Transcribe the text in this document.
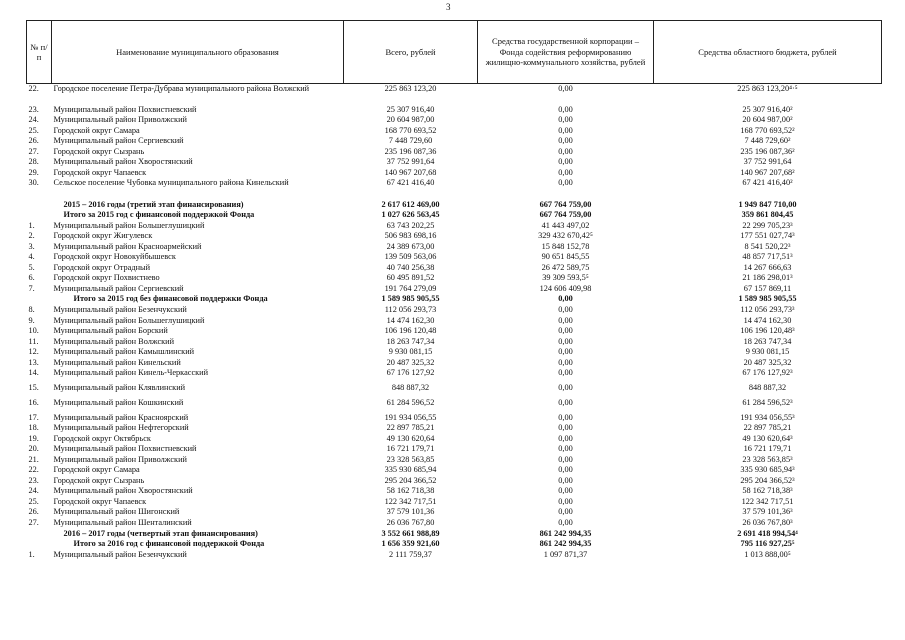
3
№ п/п	Наименование муниципального образования	Всего, рублей	Средства государственной корпорации – Фонда содействия реформированию жилищно-коммунального хозяйства, рублей	Средства областного бюджета, рублей
22.	Городское поселение Петра-Дубрава муниципального района Волжский	225 863 123,20	0,00	225 863 123,20⁴·⁵
23.	Муниципальный район Похвистневский	25 307 916,40	0,00	25 307 916,40²
24.	Муниципальный район Приволжский	20 604 987,00	0,00	20 604 987,00²
25.	Городской округ Самара	168 770 693,52	0,00	168 770 693,52²
26.	Муниципальный район Сергиевский	7 448 729,60	0,00	7 448 729,60²
27.	Городской округ Сызрань	235 196 087,36	0,00	235 196 087,36²
28.	Муниципальный район Хворостянский	37 752 991,64	0,00	37 752 991,64
29.	Городской округ Чапаевск	140 967 207,68	0,00	140 967 207,68²
30.	Сельское поселение Чубовка муниципального района Кинельский	67 421 416,40	0,00	67 421 416,40²
	2015 – 2016 годы (третий этап финансирования)	2 617 612 469,00	667 764 759,00	1 949 847 710,00
	Итого за 2015 год с финансовой поддержкой Фонда	1 027 626 563,45	667 764 759,00	359 861 804,45
1.	Муниципальный район Большеглушицкий	63 743 202,25	41 443 497,02	22 299 705,23³
2.	Городской округ Жигулевск	506 983 698,16	329 432 670,42⁵	177 551 027,74³
3.	Муниципальный район Красноармейский	24 389 673,00	15 848 152,78	8 541 520,22³
4.	Городской округ Новокуйбышевск	139 509 563,06	90 651 845,55	48 857 717,51³
5.	Городской округ Отрадный	40 740 256,38	26 472 589,75	14 267 666,63
6.	Городской округ Похвистнево	60 495 891,52	39 309 593,5⁵	21 186 298,01³
7.	Муниципальный район Сергиевский	191 764 279,09	124 606 409,98	67 157 869,11
	Итого за 2015 год без финансовой поддержки Фонда	1 589 985 905,55	0,00	1 589 985 905,55
8.	Муниципальный район Безенчукский	112 056 293,73	0,00	112 056 293,73³
9.	Муниципальный район Большеглушицкий	14 474 162,30	0,00	14 474 162,30
10.	Муниципальный район Борский	106 196 120,48	0,00	106 196 120,48³
11.	Муниципальный район Волжский	18 263 747,34	0,00	18 263 747,34
12.	Муниципальный район Камышлинский	9 930 081,15	0,00	9 930 081,15
13.	Муниципальный район Кинельский	20 487 325,32	0,00	20 487 325,32
14.	Муниципальный район Кинель-Черкасский	67 176 127,92	0,00	67 176 127,92³
15.	Муниципальный район Клявлинский	848 887,32	0,00	848 887,32
16.	Муниципальный район Кошкинский	61 284 596,52	0,00	61 284 596,52³
17.	Муниципальный район Красноярский	191 934 056,55	0,00	191 934 056,55³
18.	Муниципальный район Нефтегорский	22 897 785,21	0,00	22 897 785,21
19.	Городской округ Октябрьск	49 130 620,64	0,00	49 130 620,64³
20.	Муниципальный район Похвистневский	16 721 179,71	0,00	16 721 179,71
21.	Муниципальный район Приволжский	23 328 563,85	0,00	23 328 563,85³
22.	Городской округ Самара	335 930 685,94	0,00	335 930 685,94³
23.	Городской округ Сызрань	295 204 366,52	0,00	295 204 366,52³
24.	Муниципальный район Хворостянский	58 162 718,38	0,00	58 162 718,38³
25.	Городской округ Чапаевск	122 342 717,51	0,00	122 342 717,51
26.	Муниципальный район Шигонский	37 579 101,36	0,00	37 579 101,36³
27.	Муниципальный район Шенталинский	26 036 767,80	0,00	26 036 767,80³
	2016 – 2017 годы (четвертый этап финансирования)	3 552 661 988,89	861 242 994,35	2 691 418 994,54⁴
	Итого за 2016 год с финансовой поддержкой Фонда	1 656 359 921,60	861 242 994,35	795 116 927,25⁵
1.	Муниципальный район Безенчукский	2 111 759,37	1 097 871,37	1 013 888,00⁵
